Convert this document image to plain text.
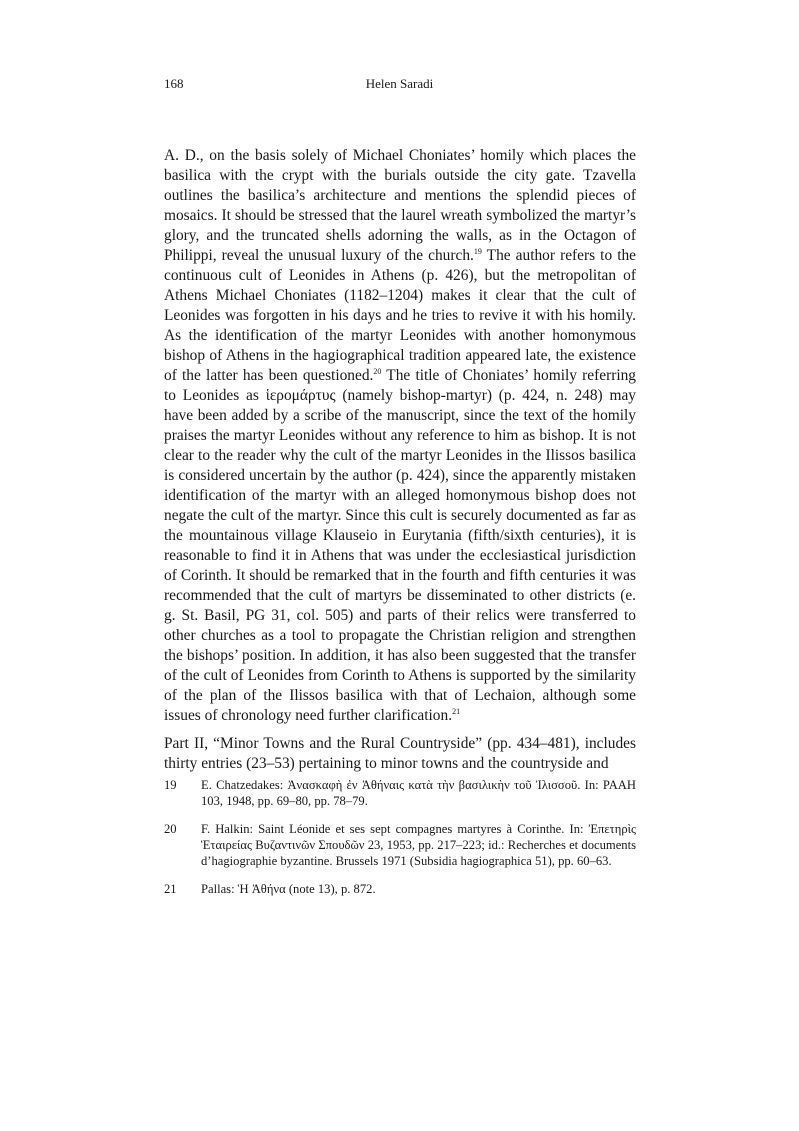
168	Helen Saradi

A. D., on the basis solely of Michael Choniates’ homily which places the basilica with the crypt with the burials outside the city gate. Tzavella outlines the basilica’s architecture and mentions the splendid pieces of mosaics. It should be stressed that the laurel wreath symbolized the martyr’s glory, and the truncated shells adorning the walls, as in the Octagon of Philippi, reveal the unusual luxury of the church.$^{19}$ The author refers to the continuous cult of Leonides in Athens (p. 426), but the metropolitan of Athens Michael Choniates (1182–1204) makes it clear that the cult of Leonides was forgotten in his days and he tries to revive it with his homily. As the identification of the martyr Leonides with another homonymous bishop of Athens in the hagiographical tradition appeared late, the existence of the latter has been questioned.$^{20}$ The title of Choniates’ homily referring to Leonides as ἱερομάρτυς (namely bishop-martyr) (p. 424, n. 248) may have been added by a scribe of the manuscript, since the text of the homily praises the martyr Leonides without any reference to him as bishop. It is not clear to the reader why the cult of the martyr Leonides in the Ilissos basilica is considered uncertain by the author (p. 424), since the apparently mistaken identification of the martyr with an alleged homonymous bishop does not negate the cult of the martyr. Since this cult is securely documented as far as the mountainous village Klauseio in Eurytania (fifth/sixth centuries), it is reasonable to find it in Athens that was under the ecclesiastical jurisdiction of Corinth. It should be remarked that in the fourth and fifth centuries it was recommended that the cult of martyrs be disseminated to other districts (e. g. St. Basil, PG 31, col. 505) and parts of their relics were transferred to other churches as a tool to propagate the Christian religion and strengthen the bishops’ position. In addition, it has also been suggested that the transfer of the cult of Leonides from Corinth to Athens is supported by the similarity of the plan of the Ilissos basilica with that of Lechaion, although some issues of chronology need further clarification.$^{21}$

Part II, “Minor Towns and the Rural Countryside” (pp. 434–481), includes thirty entries (23–53) pertaining to minor towns and the countryside and

19	E. Chatzedakes: Ἀνασκαφὴ ἐν Ἀθήναις κατὰ τὴν βασιλικὴν τοῦ Ἰλισσοῦ. In: PAAH 103, 1948, pp. 69–80, pp. 78–79.
20	F. Halkin: Saint Léonide et ses sept compagnes martyres à Corinthe. In: Ἐπετηρὶς Ἑταιρείας Βυζαντινῶν Σπουδῶν 23, 1953, pp. 217–223; id.: Recherches et documents d’hagiographie byzantine. Brussels 1971 (Subsidia hagiographica 51), pp. 60–63.
21	Pallas: Ἡ Ἀθήνα (note 13), p. 872.
